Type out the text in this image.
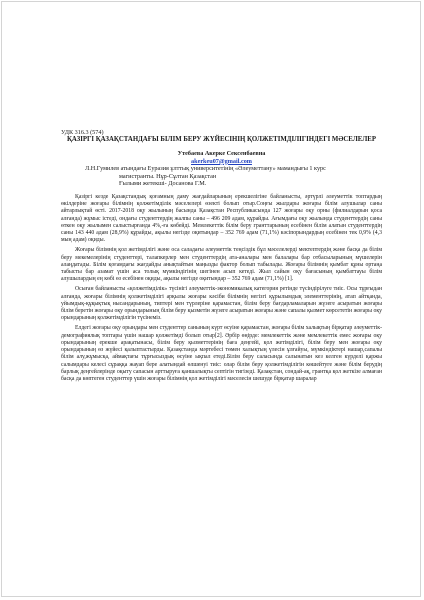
УДК 316.3 (574)

ҚАЗІРГІ ҚАЗАҚСТАНДАҒЫ БІЛІМ БЕРУ ЖҮЙЕСІНІҢ ҚОЛЖЕТІМДІЛІГІНДЕГІ МӘСЕЛЕЛЕР

Утебаева Акерке Сексенбаевна
akerkeu07@gmail.com
Л.Н.Гумилев атындағы Еуразия ұлттық университетінің «Әлеуметтану» мамандығы 1 курс
магистранты. Нұр-Сұлтан Қазақстан
Ғылыми жетекші- Досанова Г.М.

Қазіргі кезде Қазақстандық қоғамның даму жағдайларының ерекшелігіне байланысты, әртүрлі әлеуметтік топтардың өкілдеріне жоғары білімнің қолжетімділік мәселелері өзекті болып отыр.Соңғы жылдары жоғары білім алушылар саны айтарлықтай өсті. 2017-2018 оқу жылының басында Қазақстан Республикасында 127 жоғары оқу орны (филиалдарын қоса алғанда) жұмыс істеді, ондағы студенттердің жалпы саны – 496 209 адам, құрайды. Ағымдағы оқу жылында студенттердің саны өткен оқу жылымен салыстырғанда 4%,-ға көбейді. Мемлекеттік білім беру гранттарының есебінен білім алатын студенттердің саны 143 440 адам (28,9%) құрайды, ақылы негізде оқитындар – 352 769 адам (71,1%) кәсіпорындардың есебінен тек 0,9% (4,3 мың адам) оқиды.

Жоғары білімнің қол жетімділігі және оса саладағы әлеуметтік теңсіздік бұл мәселелерді мектептердің және басқа да білім беру мекемелерінің студенттері, талапкерлер мен студенттердің ата-аналары мен балалары бар отбасыларының мүшелерін алаңдатады. Білім қоғамдағы жағдайды анықтайтын маңызды фактор болып табылады. Жоғары білімнің қымбат құны ортаңа табысты бар азамат үшін аса толық мүмкіндігінің шегінен асып кетеді. Жыл сайын оқу бағасының қымбаттауы білім алушылардың ең көбі өз есебінен оқиды, ақылы негізде оқитындар – 352 769 адам (71,1%) [1].

Осыған байланысты «қолжетімділік» түсінігі әлеуметтік-экономикалық категория ретінде түсіндірілуге тиіс. Осы тұрғыдан алғанда, жоғары білімнің қолжетімділігі арқылы жоғары кәсіби білімнің негізгі құрылымдық элементтерінің, атап айтқанда, уйымдық-құқықтық нысандарының, типтері мен түрлеріне қарамастан, білім беру бағдарламаларын жүзеге асыратын жоғары білім беретін жоғары оқу орындарының білім беру қызметін жүзеге асыратын жоғары және сапалы қызмет көрсететін жоғары оқу орындарының қолжетімділігін түсінеміз.

Елдегі жоғары оқу орындары мен студенттер санының күрт өсуіне қарамастан, жоғары білім халықтың бірқатар әлеуметтік-демографиялық топтары үшін нашар қолжетімді болып отыр[2]. Әрбір өңірде: мемлекеттік және мемлекеттік емес жоғары оқу орындарының ерекше арақатынасы, білім беру қызметтерінің баға деңгейі, қол жетімділігі, білім беру мен жоғары оқу орындарының өз жүйесі қалыптастырды. Қазақстанда мәртебесі төмен халықтың үлесін ұлғайуы, мүмкіндіктері нашар,сапалы білім алу,жұмысқа, аймақтағы тұрғысыздық өсуіне ықпал етеді.Білім беру саласында салынатын кез келген күрделі қаржы салымдары келесі сұраққа жауап бере алатындай өлшенуі тиіс: олар білім беру қолжетімділігін көшейтуге және білім берудің барлық деңгейлерінде оқыту сапасын арттыруға қаншалықты септігін тигізеді. Қазақстан, сондай-ақ, грантқа қол жеткізе алмаған басқа да көптеген студенттер үшін жоғары білімнің қол жетімділігі мәселесін шешуде бірқатар шаралар
